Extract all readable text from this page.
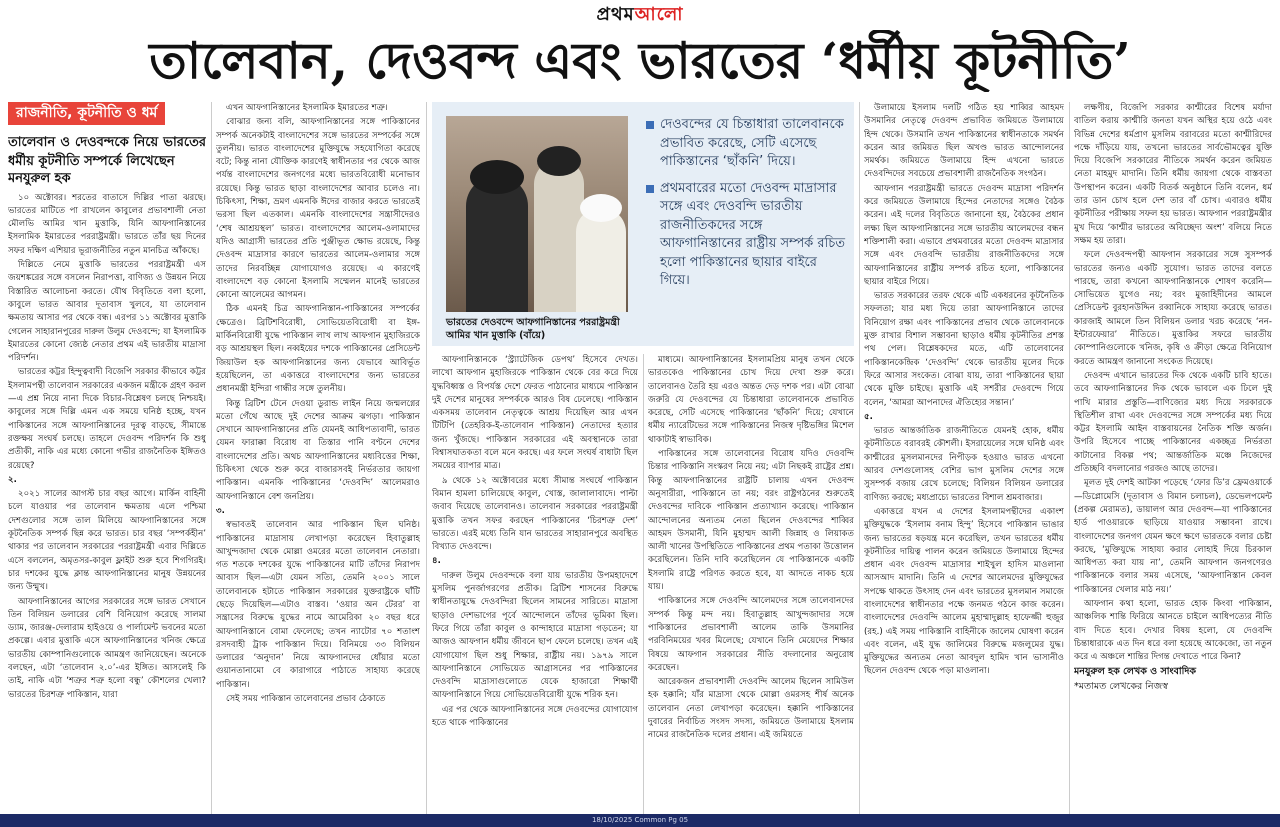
প্রথমআলো
তালেবান, দেওবন্দ এবং ভারতের ‘ধর্মীয় কূটনীতি’
রাজনীতি, কূটনীতি ও ধর্ম

তালেবান ও দেওবন্দকে নিয়ে ভারতের ধর্মীয় কূটনীতি সম্পর্কে লিখেছেন

মনযুরুল হক

১০ অক্টোবর। শরতের বাতাসে দিল্লির পাতা ঝরছে। ভারতের মাটিতে পা রাখলেন কাবুলের প্রভাবশালী নেতা মৌলভি আমির খান মুত্তাকি, যিনি আফগানিস্তানের ইসলামিক ইমারতের পররাষ্ট্রমন্ত্রী। ভারতে তাঁর ছয় দিনের সফর দক্ষিণ এশিয়ার ভূরাজনীতির নতুন মানচিত্র আঁকছে।

দিল্লিতে নেমে মুত্তাকি ভারতের পররাষ্ট্রমন্ত্রী এস জয়শঙ্করের সঙ্গে বসলেন নিরাপত্তা, বাণিজ্য ও উন্নয়ন নিয়ে বিস্তারিত আলোচনা করতে। যৌথ বিবৃতিতে বলা হলো, কাবুলে ভারত আবার দূতাবাস খুলবে, যা তালেবান ক্ষমতায় আসার পর থেকে বন্ধ। এরপর ১১ অক্টোবর মুত্তাকি গেলেন সাহারানপুরের দারুল উলুম দেওবন্দে; যা ইসলামিক ইমারতের কোনো জ্যেষ্ঠ নেতার প্রথম এই ভারতীয় মাদ্রাসা পরিদর্শন।

ভারতের কট্টর হিন্দুত্ববাদী বিজেপি সরকার কীভাবে কট্টর ইসলামপন্থী তালেবান সরকারের একজন মন্ত্রীকে গ্রহণ করল—এ প্রশ্ন নিয়ে নানা দিকে বিচার-বিশ্লেষণ চলছে নিশ্চয়ই। কাবুলের সঙ্গে দিল্লি এমন এক সময়ে ঘনিষ্ঠ হচ্ছে, যখন পাকিস্তানের সঙ্গে আফগানিস্তানের দূরত্ব বাড়ছে, সীমান্তে রক্তক্ষয় সংঘর্ষ চলছে। তাহলে দেওবন্দ পরিদর্শন কি শুধু প্রতীকী, নাকি এর মধ্যে কোনো গভীর রাজনৈতিক ইঙ্গিতও রয়েছে?

২.

২০২১ সালের আগস্ট চার বছর আগে। মার্কিন বাহিনী চলে যাওয়ার পর তালেবান ক্ষমতায় এলে পশ্চিমা দেশগুলোর সঙ্গে তাল মিলিয়ে আফগানিস্তানের সঙ্গে কূটনৈতিক সম্পর্ক ছিন্ন করে ভারত। চার বছর ‘সম্পর্কহীন’ থাকার পর তালেবান সরকারের পররাষ্ট্রমন্ত্রী এবার দিল্লিতে এসে বললেন, অমৃতসর-কাবুল ফ্লাইট শুরু হবে শিগগিরই। চার দশকের যুদ্ধে ক্লান্ত আফগানিস্তানের মানুষ উন্নয়নের জন্য উন্মুখ।

আফগানিস্তানের আগের সরকারের সঙ্গে ভারত সেখানে তিন বিলিয়ন ডলারের বেশি বিনিয়োগ করেছে সালমা ড্যাম, জারঞ্জ-দেলারাম হাইওয়ে ও পার্লামেন্ট ভবনের মতো প্রকল্পে। এবার মুত্তাকি এসে আফগানিস্তানের খনিজ ক্ষেত্রে ভারতীয় কোম্পানিগুলোকে আমন্ত্রণ জানিয়েছেন। অনেকে বলছেন, এটা ‘তালেবান ২.০’-এর ইঙ্গিত। আসলেই কি তাই, নাকি এটা ‘শত্রুর শত্রু হলো বন্ধু’ কৌশলের খেলা? ভারতের চিরশত্রু পাকিস্তান, যারা

এখন আফগানিস্তানের ইসলামিক ইমারতের শত্রু।

বোঝার জন্য বলি, আফগানিস্তানের সঙ্গে পাকিস্তানের সম্পর্ক অনেকটাই বাংলাদেশের সঙ্গে ভারতের সম্পর্কের সঙ্গে তুলনীয়। ভারত বাংলাদেশের মুক্তিযুদ্ধে সহযোগিতা করেছে বটে; কিন্তু নানা যৌক্তিক কারণেই স্বাধীনতার পর থেকে আজ পর্যন্ত বাংলাদেশের জনগণের মধ্যে ভারতবিরোধী মনোভাব রয়েছে। কিন্তু ভারত ছাড়া বাংলাদেশের আবার চলেও না। চিকিৎসা, শিক্ষা, ভ্রমণ এমনকি ঈদের বাজার করতে ভারতেই ভরসা ছিল এতকাল। এমনকি বাংলাদেশের সন্ত্রাসীদেরও ‘শেষ আশ্রয়স্থল’ ভারত। বাংলাদেশের আলেম-ওলামাদের যদিও আগ্রাসী ভারতের প্রতি পুঞ্জীভূত ক্ষোভ রয়েছে, কিন্তু দেওবন্দ মাদ্রাসার কারণে ভারতের আলেম-ওলামার সঙ্গে তাদের নিরবচ্ছিন্ন যোগাযোগও রয়েছে। এ কারণেই বাংলাদেশে বড় কোনো ইসলামি সম্মেলন মানেই ভারতের কোনো আলেমের আগমন।

ঠিক এমনই চিত্র আফগানিস্তান-পাকিস্তানের সম্পর্কের ক্ষেত্রেও। ব্রিটিশবিরোধী, সোভিয়েতবিরোধী বা ইঙ্গ-মার্কিনবিরোধী যুদ্ধে পাকিস্তান লাখ লাখ আফগান মুহাজিরকে বড় আশ্রয়স্থল ছিল। নব্বইয়ের দশকে পাকিস্তানের প্রেসিডেন্ট জিয়াউল হক আফগানিস্তানের জন্য যেভাবে আবির্ভূত হয়েছিলেন, তা একাত্তরে বাংলাদেশের জন্য ভারতের প্রধানমন্ত্রী ইন্দিরা গান্ধীর সঙ্গে তুলনীয়।

কিন্তু ব্রিটিশ টেনে দেওয়া ডুরান্ড লাইন নিয়ে জন্মলগ্নের মতো গেঁথে আছে দুই দেশের আক্রম ঝগড়া। পাকিস্তান সেখানে আফগানিস্তানের প্রতি যেমনই আধিপত্যবাদী, ভারত যেমন ফারাক্কা বিরোধ বা তিস্তার পানি বণ্টনে দেশের বাংলাদেশের প্রতি। অথচ আফগানিস্তানের মধ্যবিত্তের শিক্ষা, চিকিৎসা থেকে শুরু করে বাজারসবই নির্ভরতার জায়গা পাকিস্তান। এমনকি পাকিস্তানের ‘দেওবন্দি’ আলেমরাও আফগানিস্তানে বেশ জনপ্রিয়।

৩.

স্বভাবতই তালেবান আর পাকিস্তান ছিল ঘনিষ্ঠ। পাকিস্তানের মাদ্রাসায় লেখাপড়া করেছেন হিবাতুল্লাহ আখুন্দজাদা থেকে মোল্লা ওমরের মতো তালেবান নেতারা। গত শতকে দশকের যুদ্ধে পাকিস্তানের মাটি তাঁদের নিরাপদ আবাস ছিল—এটা যেমন সত্যি, তেমনি ২০০১ সালে তালেবানকে হটাতে পাকিস্তান সরকারের যুক্তরাষ্ট্রকে ঘাঁটি ছেড়ে দিয়েছিল—এটাও বাস্তব। ‘ওয়ার অন টেরর’ বা সন্ত্রাসের বিরুদ্ধে যুদ্ধের নামে আমেরিকা ২০ বছর ধরে আফগানিস্তানে বোমা ফেলেছে; তখন ন্যাটোর ৭০ শতাংশ রসদবাহী ট্রাক পাকিস্তান দিয়ে। বিনিময়ে ৩৩ বিলিয়ন ডলারের ‘অনুদান’ নিয়ে আফগানদের ধোঁয়ার মতো গুয়ানতানামো বে কারাগারে পাঠাতে সাহায্য করেছে পাকিস্তান।

সেই সময় পাকিস্তান তালেবানের প্রভাব ঠেকাতে

ভারতের দেওবন্দে আফগানিস্তানের পররাষ্ট্রমন্ত্রী আমির খান মুত্তাকি (বাঁয়ে)
দেওবন্দের যে চিন্তাধারা তালেবানকে প্রভাবিত করেছে, সেটি এসেছে পাকিস্তানের ‘ছাঁকনি’ দিয়ে।
প্রথমবারের মতো দেওবন্দ মাদ্রাসার সঙ্গে এবং দেওবন্দি ভারতীয় রাজনীতিকদের সঙ্গে আফগানিস্তানের রাষ্ট্রীয় সম্পর্ক রচিত হলো পাকিস্তানের ছায়ার বাইরে গিয়ে।

আফগানিস্তানকে ‘স্ট্র্যাটেজিক ডেপথ’ হিসেবে দেখত। লাখো আফগান মুহাজিরকে পাকিস্তান থেকে বের করে দিয়ে যুদ্ধবিধ্বস্ত ও বিপর্যস্ত দেশে ফেরত পাঠানোর মাধ্যমে পাকিস্তান দুই দেশের মানুষের সম্পর্ককে আরও বিষ ঢেলেছে। পাকিস্তান একসময় তালেবান নেতৃত্বকে আশ্রয় দিয়েছিল আর এখন টিটিপি (তেহরিক-ই-তালেবান পাকিস্তান) নেতাদের হত্যার জন্য খুঁজছে। পাকিস্তান সরকারের এই অবস্থানকে তারা বিশ্বাসঘাতকতা বলে মনে করছে। এর ফলে সংঘর্ষ বাধাটা ছিল সময়ের ব্যাপার মাত্র।

৯ থেকে ১২ অক্টোবরের মধ্যে সীমান্ত সংঘর্ষে পাকিস্তান বিমান হামলা চালিয়েছে কাবুল, খোস্ত, জালালাবাদে। পাল্টা জবাব দিয়েছে তালেবানও। তালেবান সরকারের পররাষ্ট্রমন্ত্রী মুত্তাকি তখন সফর করছেন পাকিস্তানের ‘চিরশত্রু দেশ’ ভারতে। এরই মধ্যে তিনি যান ভারতের সাহারানপুরে অবস্থিত বিখ্যাত দেওবন্দে।

৪.

দারুল উলুম দেওবন্দকে বলা যায় ভারতীয় উপমহাদেশে মুসলিম পুনর্জাগরণের প্রতীক। ব্রিটিশ শাসনের বিরুদ্ধে স্বাধীনতাযুদ্ধে দেওবন্দিরা ছিলেন সামনের সারিতে। মাদ্রাসা ছাড়াও দেশভাগের পূর্বে আন্দোলনে তাঁদের ভূমিকা ছিল। ফিরে গিয়ে তাঁরা কাবুল ও কান্দাহারে মাদ্রাসা গড়তেন; যা আজও আফগান ধর্মীয় জীবনে ছাপ ফেলে চলেছে। তখন এই যোগাযোগ ছিল শুধু শিক্ষার, রাষ্ট্রীয় নয়। ১৯৭৯ সালে আফগানিস্তানে সোভিয়েত আগ্রাসনের পর পাকিস্তানের দেওবন্দি মাদ্রাসাগুলোতে যেকে হাজারো শিক্ষার্থী আফগানিস্তানে গিয়ে সোভিয়েতবিরোধী যুদ্ধে শরিক হন।

এর পর থেকে আফগানিস্তানের সঙ্গে দেওবন্দের যোগাযোগ হতে থাকে পাকিস্তানের

মাধ্যমে। আফগানিস্তানের ইসলামপ্রিয় মানুষ তখন থেকে ভারতকেও পাকিস্তানের চোখ দিয়ে দেখা শুরু করে। তালেবানও তৈরি হয় এরও অন্তত দেড় দশক পর। এটা বোঝা জরুরি যে দেওবন্দের যে চিন্তাধারা তালেবানকে প্রভাবিত করেছে, সেটি এসেছে পাকিস্তানের ‘ছাঁকনি’ দিয়ে; যেখানে ধর্মীয় ন্যারেটিভের সঙ্গে পাকিস্তানের নিজস্ব দৃষ্টিভঙ্গির মিশেল থাকাটাই স্বাভাবিক।

পাকিস্তানের সঙ্গে তালেবানের বিরোধ যদিও দেওবন্দি চিন্তার পাকিস্তানি সংস্করণ নিয়ে নয়; এটা নিছকই রাষ্ট্রের প্রশ্ন। কিন্তু আফগানিস্তানের রাষ্ট্রটি চালায় এখন দেওবন্দ অনুসারীরা, পাকিস্তানে তা নয়; বরং রাষ্ট্রগঠনের শুরুতেই দেওবন্দের দাবিকে পাকিস্তান প্রত্যাখ্যান করেছে। পাকিস্তান আন্দোলনের অন্যতম নেতা ছিলেন দেওবন্দের শাব্বির আহমদ উসমানী, যিনি মুহাম্মদ আলী জিন্নাহ ও লিয়াকত আলী খানের উপস্থিতিতে পাকিস্তানের প্রথম পতাকা উত্তোলন করেছিলেন। তিনি দাবি করেছিলেন যে পাকিস্তানকে একটি ইসলামি রাষ্ট্রে পরিণত করতে হবে, যা আদতে নাকচ হয়ে যায়।

পাকিস্তানের সঙ্গে দেওবন্দি আলেমদের সঙ্গে তালেবানদের সম্পর্ক কিন্তু মন্দ নয়। হিবাতুল্লাহ আখুন্দজাদার সঙ্গে পাকিস্তানের প্রভাবশালী আলেম তাকি উসমানির পরবিনিময়ের খবর মিলেছে; যেখানে তিনি মেয়েদের শিক্ষার বিষয়ে আফগান সরকারের নীতি বদলানোর অনুরোধ করেছেন।

আরেকজন প্রভাবশালী দেওবন্দি আলেম ছিলেন সামিউল হক হক্কানি; যাঁর মাদ্রাসা থেকে মোল্লা ওমরসহ শীর্ষ অনেক তালেবান নেতা লেখাপড়া করেছেন। হক্কানি পাকিস্তানের দুবারের নির্বাচিত সংসদ সদস্য, জমিয়তে উলামায়ে ইসলাম নামের রাজনৈতিক দলের প্রধান। এই জমিয়তে

উলামায়ে ইসলাম দলটি গঠিত হয় শাব্বির আহমদ উসমানির নেতৃত্বে দেওবন্দ প্রভাবিত জমিয়তে উলামায়ে হিন্দ থেকে। উসমানি তখন পাকিস্তানের স্বাধীনতাকে সমর্থন করেন আর জমিয়ত ছিল অখণ্ড ভারত আন্দোলনের সমর্থক। জমিয়তে উলামায়ে হিন্দ এখনো ভারতে দেওবন্দিদের সবচেয়ে প্রভাবশালী রাজনৈতিক সংগঠন।

আফগান পররাষ্ট্রমন্ত্রী ভারতে দেওবন্দ মাদ্রাসা পরিদর্শন করে জমিয়তে উলামায়ে হিন্দের নেতাদের সঙ্গেও বৈঠক করেন। এই দলের বিবৃতিতে জানানো হয়, বৈঠকের প্রধান লক্ষ্য ছিল আফগানিস্তানের সঙ্গে ভারতীয় আলেমদের বন্ধন শক্তিশালী করা। এভাবে প্রথমবারের মতো দেওবন্দ মাদ্রাসার সঙ্গে এবং দেওবন্দি ভারতীয় রাজনীতিকদের সঙ্গে আফগানিস্তানের রাষ্ট্রীয় সম্পর্ক রচিত হলো, পাকিস্তানের ছায়ার বাইরে গিয়ে।

ভারত সরকারের তরফ থেকে এটি একধরনের কূটনৈতিক সফলতা; যার মধ্য দিয়ে তারা আফগানিস্তানে তাদের বিনিয়োগ রক্ষা এবং পাকিস্তানের প্রভাব থেকে তালেবানকে মুক্ত রাখার বিশাল সম্ভাবনা ছাড়াও ধর্মীয় কূটনীতির প্রশস্ত পথ পেল। বিশ্লেষকদের মতে, এটি তালেবানের পাকিস্তানকেন্দ্রিক ‘দেওবন্দি’ থেকে ভারতীয় মূলের দিকে ফিরে আসার সংকেত। বোঝা যায়, তারা পাকিস্তানের ছায়া থেকে মুক্তি চাইছে। মুত্তাকি এই সশরীর দেওবন্দে গিয়ে বলেন, ‘আমরা আপনাদের ঐতিহ্যের সন্তান।’

৫.

ভারত আন্তর্জাতিক রাজনীতিতে যেমনই হোক, ধর্মীয় কূটনীতিতে বরাবরই কৌশলী। ইসরায়েলের সঙ্গে ঘনিষ্ঠ এবং কাশ্মীরের মুসলমানদের নিপীড়ক হওয়াও ভারত এখনো আরব দেশগুলোসহ বেশির ভাগ মুসলিম দেশের সঙ্গে সুসম্পর্ক বজায় রেখে চলেছে; বিলিয়ন বিলিয়ন ডলারের বাণিজ্য করছে; মধ্যপ্রাচ্যে ভারতের বিশাল শ্রমবাজার।

একাত্তরে যখন এ দেশের ইসলামপন্থীদের একাংশ মুক্তিযুদ্ধকে ‘ইসলাম বনাম হিন্দু’ হিসেবে পাকিস্তান ভাঙার জন্য ভারতের ষড়যন্ত্র মনে করেছিল, তখন ভারতের ধর্মীয় কূটনীতির দায়িত্ব পালন করেন জমিয়তে উলামায়ে হিন্দের প্রধান এবং দেওবন্দ মাদ্রাসার শাইখুল হাদিস মাওলানা আসআদ মাদানি। তিনি এ দেশের আলেমদের মুক্তিযুদ্ধের সপক্ষে থাকতে উৎসাহ দেন এবং ভারতের মুসলমান সমাজে বাংলাদেশের স্বাধীনতার পক্ষে জনমত গঠনে কাজ করেন। বাংলাদেশের দেওবন্দি আলেম মুহাম্মাদুল্লাহ হাফেজ্জী হুজুর (রহ.) এই সময় পাকিস্তানি বাহিনীকে জালেম ঘোষণা করেন এবং বলেন, এই যুদ্ধ জালিমের বিরুদ্ধে মজলুমের যুদ্ধ। মুক্তিযুদ্ধের অন্যতম নেতা আবদুল হামিদ খান ভাসানীও ছিলেন দেওবন্দ থেকে পড়া মাওলানা।

লক্ষণীয়, বিজেপি সরকার কাশ্মীরের বিশেষ মর্যাদা বাতিল করায় কাশ্মীরি জনতা যখন অস্থির হয়ে ওঠে এবং বিভিন্ন দেশের ধর্মপ্রাণ মুসলিম বরাবরের মতো কাশ্মীরিদের পক্ষে দাঁড়িয়ে যায়, তখনো ভারতের সার্বভৌমত্বের যুক্তি দিয়ে বিজেপি সরকারের নীতিকে সমর্থন করেন জমিয়ত নেতা মাহমুদ মাদানি। তিনি ধর্মীয় জায়গা থেকে বাস্তবতা উপস্থাপন করেন। একটি বিতর্ক অনুষ্ঠানে তিনি বলেন, ধর্ম তার ডান চোখ হলে দেশ তার বাঁ চোখ। এবারও ধর্মীয় কূটনীতির পরীক্ষায় সফল হয় ভারত। আফগান পররাষ্ট্রমন্ত্রীর মুখ দিয়ে ‘কাশ্মীর ভারতের অবিচ্ছেদ্য অংশ’ বলিয়ে নিতে সক্ষম হয় তারা।

ফলে দেওবন্দপন্থী আফগান সরকারের সঙ্গে সুসম্পর্ক ভারতের জন্যও একটি সুযোগ। ভারত তাদের বলতে পারছে, তারা কখনো আফগানিস্তানকে শোষণ করেনি—সোভিয়েত যুগেও নয়; বরং মুজাহিদীনের আমলে প্রেসিডেন্ট বুরহানউদ্দিন রব্বানিকে সাহায্য করেছে ভারত। কারজাই আমলে তিন বিলিয়ন ডলার খরচ করেছে ‘নন-ইন্টারফেয়ার’ নীতিতে। মুত্তাকির সফরে ভারতীয় কোম্পানিগুলোকে খনিজ, কৃষি ও ক্রীড়া ক্ষেত্রে বিনিয়োগ করতে আমন্ত্রণ জানানো সংকেত দিয়েছে।

দেওবন্দ এখানে ভারতের দিক থেকে একটি চাবি হাতে। তবে আফগানিস্তানের দিক থেকে ভাবলে এক ঢিলে দুই পাখি মারার প্রস্তুতি—বাণিজ্যের মধ্য দিয়ে সরকারকে স্থিতিশীল রাখা এবং দেওবন্দের সঙ্গে সম্পর্কের মধ্য দিয়ে কট্টর ইসলামি আইন বাস্তবায়নের নৈতিক শক্তি অর্জন। উপরি হিসেবে পাচ্ছে পাকিস্তানের একচ্ছত্র নির্ভরতা কাটানোর বিকল্প পথ; আন্তর্জাতিক মঞ্চে নিজেদের প্রতিচ্ছবি বদলানোর গরজও আছে তাদের।

মূলত দুই দেশই আটকা পড়েছে ‘ফোর ডি’র ফ্রেমওয়ার্কে—ডিপ্লোমেসি (দূতাবাস ও বিমান চলাচল), ডেভেলপমেন্ট (প্রকল্প মেরামত), ডায়ালগ আর দেওবন্দ—যা পাকিস্তানের হার্ড পাওয়ারকে ছাড়িয়ে যাওয়ার সম্ভাবনা রাখে। বাংলাদেশের জনগণ যেমন ক্ষণে ক্ষণে ভারতকে বলার চেষ্টা করছে, ‘মুক্তিযুদ্ধে সাহায্য করার লোহাই দিয়ে চিরকাল আধিপত্য করা যায় না’, তেমনি আফগান জনগণেরও পাকিস্তানকে বলার সময় এসেছে, ‘আফগানিস্তান কেবল পাকিস্তানের খেলার মাঠ নয়।’

আফগান কথা হলো, ভারত হোক কিংবা পাকিস্তান, আঞ্চলিক শান্তি ফিরিয়ে আনতে চাইলে আধিপত্যের নীতি বাদ দিতে হবে। দেখার বিষয় হলো, যে দেওবন্দি চিন্তাধারাকে এত দিন ধরে বলা হয়েছে আকেজো, তা নতুন করে এ অঞ্চলে শান্তির দিগন্ত দেখাতে পারে কিনা?

মনযুরুল হক লেখক ও সাংবাদিক

*মতামত লেখকের নিজস্ব

18/10/2025 Common Pg 05
